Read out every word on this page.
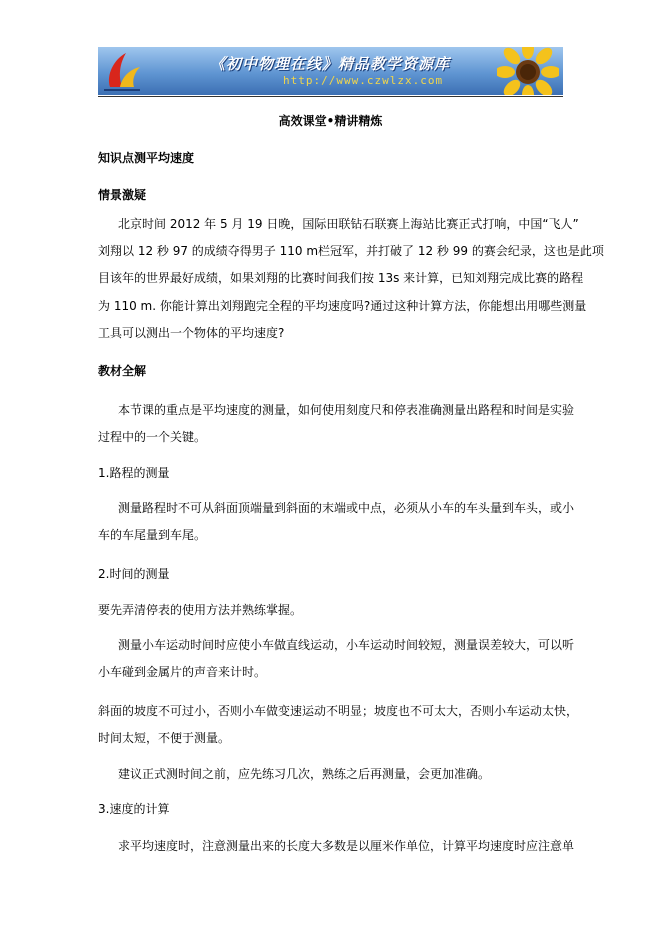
《初中物理在线》精品教学资源库
http://www.czwlzx.com
高效课堂•精讲精炼
知识点测平均速度
情景激疑
北京时间 2012 年 5 月 19 日晚，国际田联钻石联赛上海站比赛正式打响，中国“飞人”
刘翔以 12 秒 97 的成绩夺得男子 110 m栏冠军，并打破了 12 秒 99 的赛会纪录，这也是此项
目该年的世界最好成绩，如果刘翔的比赛时间我们按 13s 来计算，已知刘翔完成比赛的路程
为 110 m. 你能计算出刘翔跑完全程的平均速度吗?通过这种计算方法，你能想出用哪些测量
工具可以测出一个物体的平均速度?
教材全解
本节课的重点是平均速度的测量，如何使用刻度尺和停表准确测量出路程和时间是实验
过程中的一个关键。
1.路程的测量
测量路程时不可从斜面顶端量到斜面的末端或中点，必须从小车的车头量到车头，或小
车的车尾量到车尾。
2.时间的测量
要先弄清停表的使用方法并熟练掌握。
测量小车运动时间时应使小车做直线运动，小车运动时间较短，测量误差较大，可以听
小车碰到金属片的声音来计时。
斜面的坡度不可过小，否则小车做变速运动不明显；坡度也不可太大，否则小车运动太快，
时间太短，不便于测量。
建议正式测时间之前，应先练习几次，熟练之后再测量，会更加准确。
3.速度的计算
求平均速度时，注意测量出来的长度大多数是以厘米作单位，计算平均速度时应注意单
